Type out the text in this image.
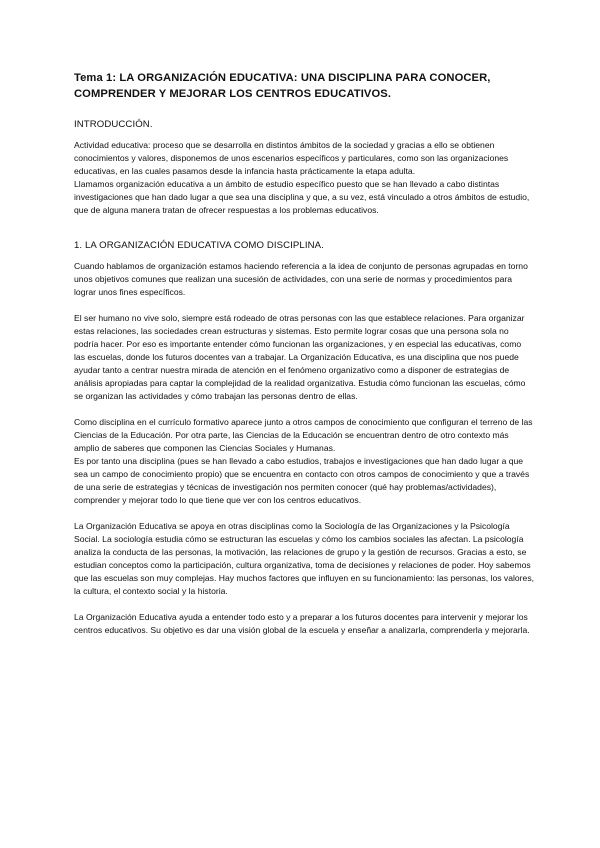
Tema 1: LA ORGANIZACIÓN EDUCATIVA: UNA DISCIPLINA PARA CONOCER,
COMPRENDER Y MEJORAR LOS CENTROS EDUCATIVOS.
INTRODUCCIÓN.

Actividad educativa: proceso que se desarrolla en distintos ámbitos de la sociedad y gracias a ello se obtienen conocimientos y valores, disponemos de unos escenarios específicos y particulares, como son las organizaciones educativas, en las cuales pasamos desde la infancia hasta prácticamente la etapa adulta.

Llamamos organización educativa a un ámbito de estudio específico puesto que se han llevado a cabo distintas investigaciones que han dado lugar a que sea una disciplina y que, a su vez, está vinculado a otros ámbitos de estudio, que de alguna manera tratan de ofrecer respuestas a los problemas educativos.

1. LA ORGANIZACIÓN EDUCATIVA COMO DISCIPLINA.

Cuando hablamos de organización estamos haciendo referencia a la idea de conjunto de personas agrupadas en torno unos objetivos comunes que realizan una sucesión de actividades, con una serie de normas y procedimientos para lograr unos fines específicos.

El ser humano no vive solo, siempre está rodeado de otras personas con las que establece relaciones. Para organizar estas relaciones, las sociedades crean estructuras y sistemas. Esto permite lograr cosas que una persona sola no podría hacer. Por eso es importante entender cómo funcionan las organizaciones, y en especial las educativas, como las escuelas, donde los futuros docentes van a trabajar. La Organización Educativa, es una disciplina que nos puede ayudar tanto a centrar nuestra mirada de atención en el fenómeno organizativo como a disponer de estrategias de análisis apropiadas para captar la complejidad de la realidad organizativa. Estudia cómo funcionan las escuelas, cómo se organizan las actividades y cómo trabajan las personas dentro de ellas.

Como disciplina en el currículo formativo aparece junto a otros campos de conocimiento que configuran el terreno de las Ciencias de la Educación. Por otra parte, las Ciencias de la Educación se encuentran dentro de otro contexto más amplio de saberes que componen las Ciencias Sociales y Humanas.

Es por tanto una disciplina (pues se han llevado a cabo estudios, trabajos e investigaciones que han dado lugar a que sea un campo de conocimiento propio) que se encuentra en contacto con otros campos de conocimiento y que a través de una serie de estrategias y técnicas de investigación nos permiten conocer (qué hay problemas/actividades), comprender y mejorar todo lo que tiene que ver con los centros educativos.

La Organización Educativa se apoya en otras disciplinas como la Sociología de las Organizaciones y la Psicología Social. La sociología estudia cómo se estructuran las escuelas y cómo los cambios sociales las afectan. La psicología analiza la conducta de las personas, la motivación, las relaciones de grupo y la gestión de recursos. Gracias a esto, se estudian conceptos como la participación, cultura organizativa, toma de decisiones y relaciones de poder. Hoy sabemos que las escuelas son muy complejas. Hay muchos factores que influyen en su funcionamiento: las personas, los valores, la cultura, el contexto social y la historia.

La Organización Educativa ayuda a entender todo esto y a preparar a los futuros docentes para intervenir y mejorar los centros educativos. Su objetivo es dar una visión global de la escuela y enseñar a analizarla, comprenderla y mejorarla.
